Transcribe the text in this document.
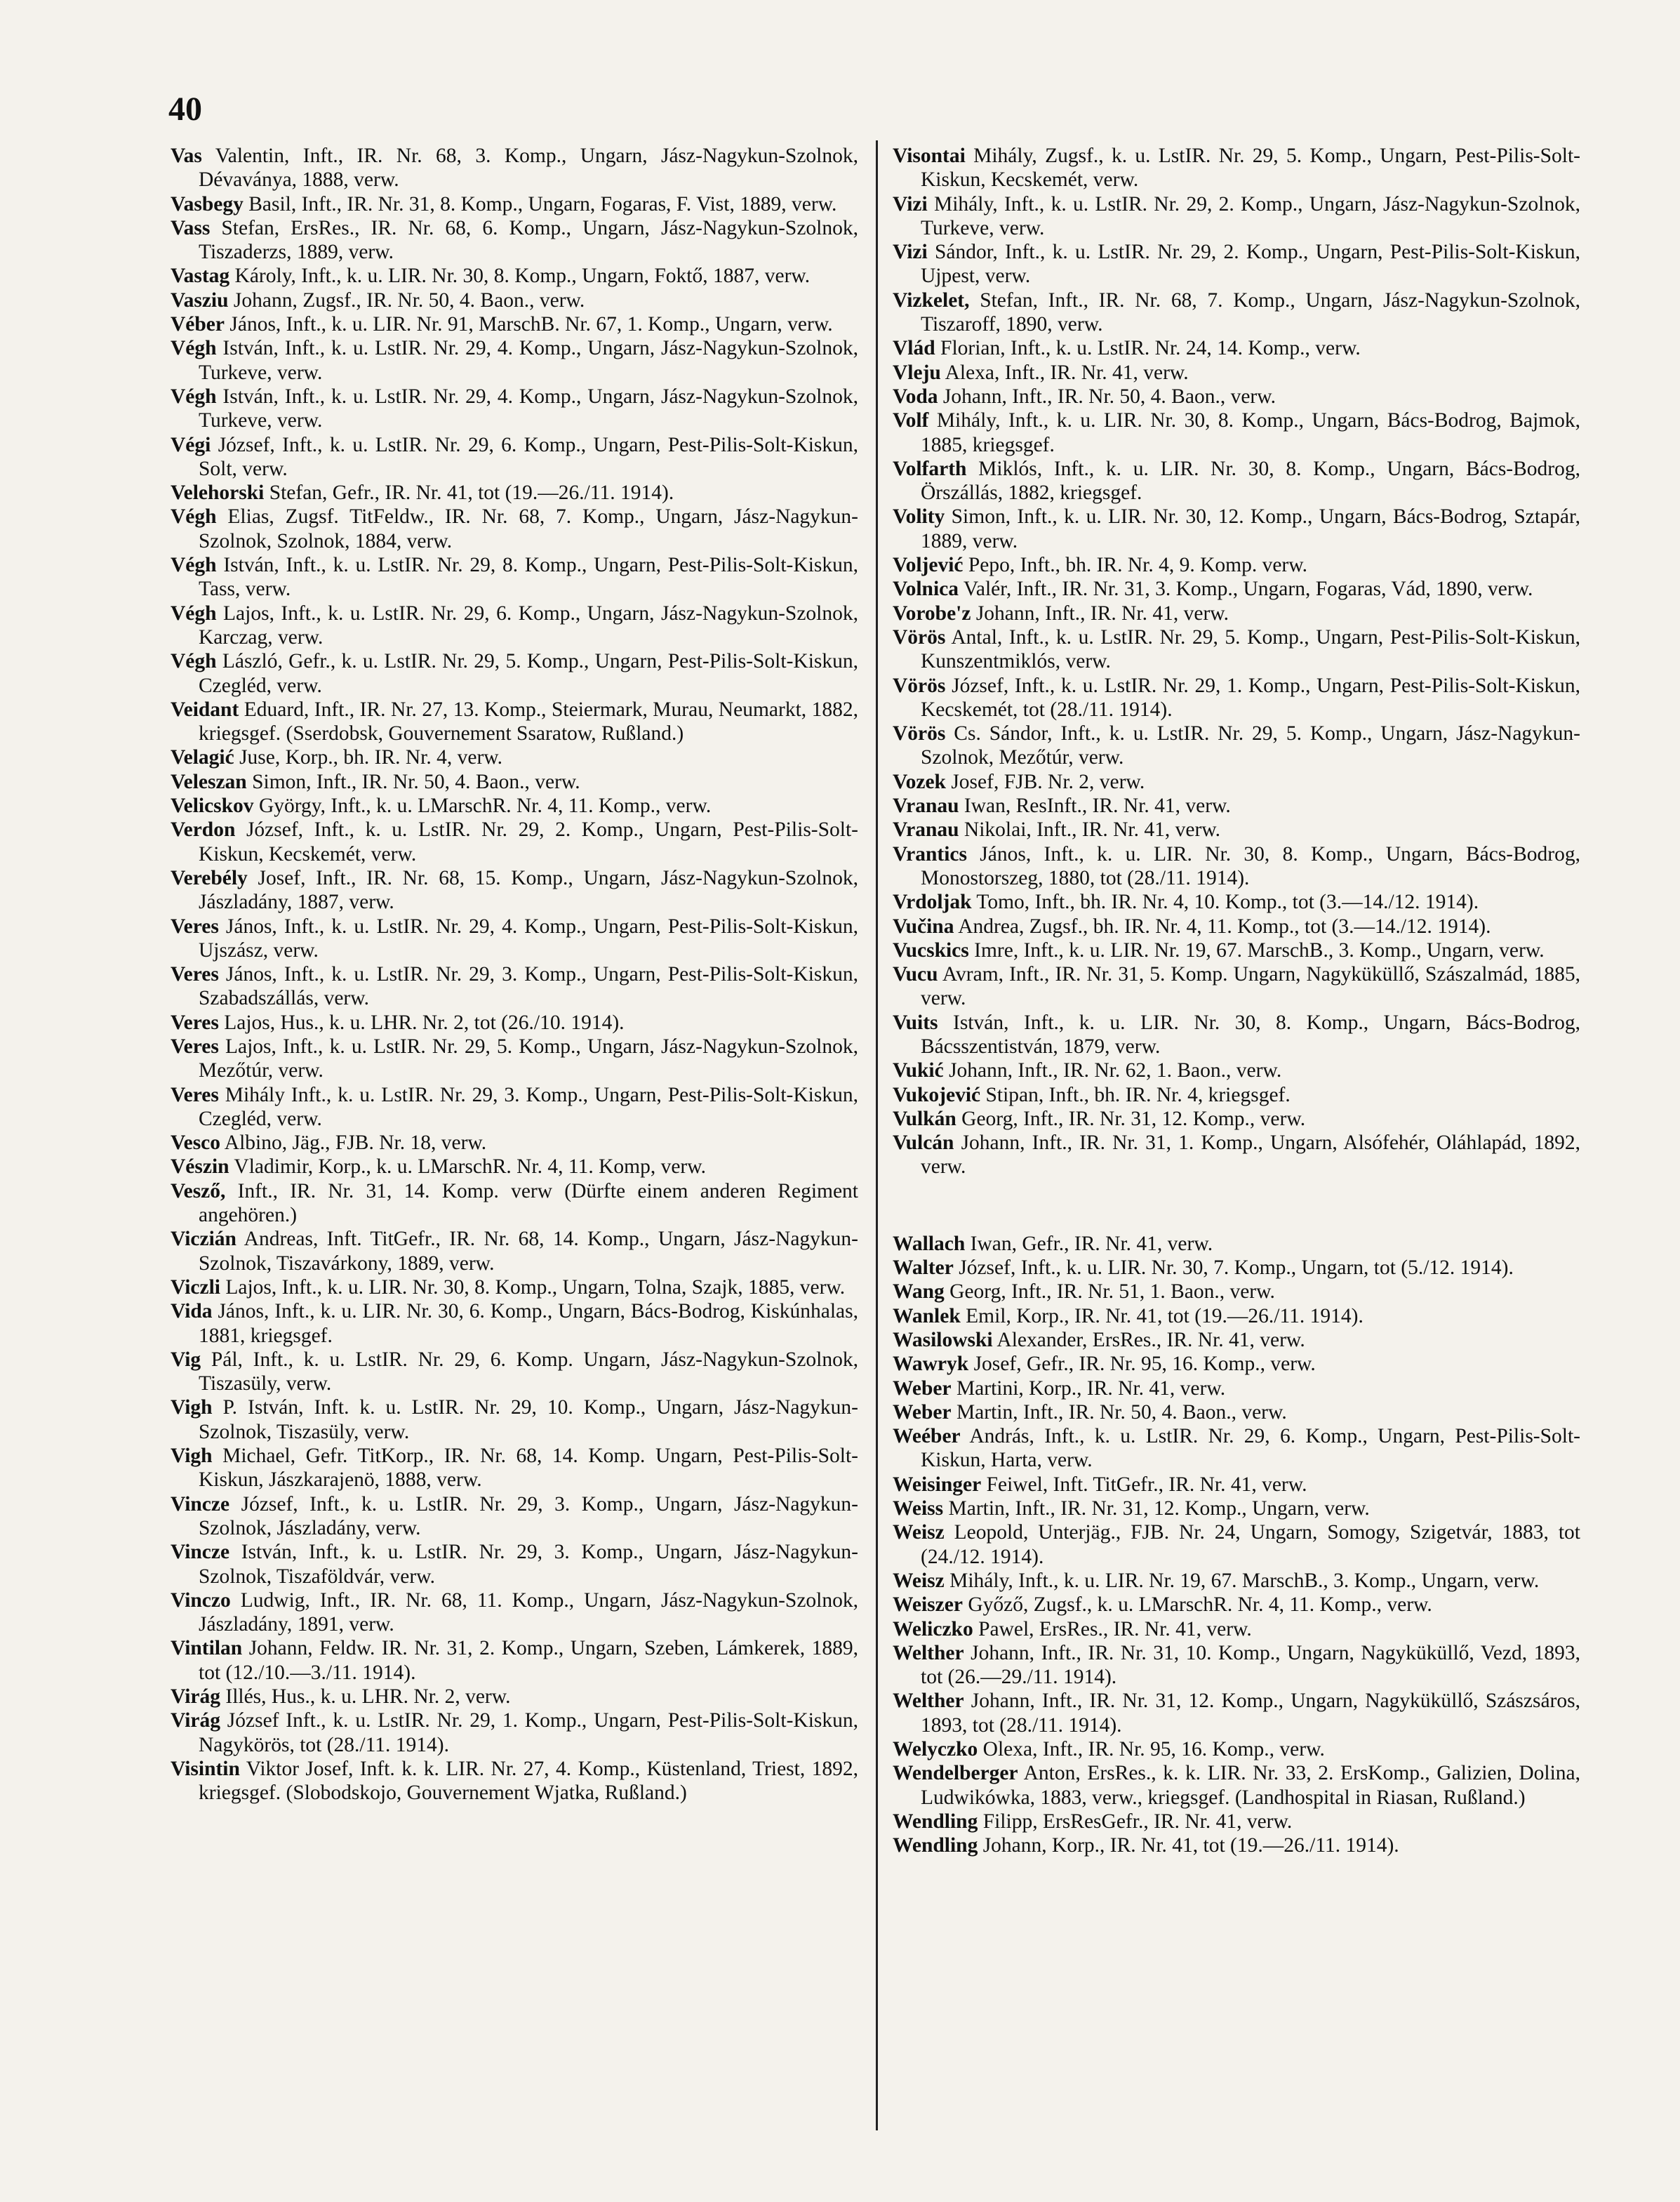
40

Vas Valentin, Inft., IR. Nr. 68, 3. Komp., Ungarn, Jász-Nagykun-Szolnok, Dévaványa, 1888, verw.

Vasbegy Basil, Inft., IR. Nr. 31, 8. Komp., Ungarn, Fogaras, F. Vist, 1889, verw.

Vass Stefan, ErsRes., IR. Nr. 68, 6. Komp., Ungarn, Jász-Nagykun-Szolnok, Tiszaderzs, 1889, verw.

Vastag Károly, Inft., k. u. LIR. Nr. 30, 8. Komp., Ungarn, Foktő, 1887, verw.

Vasziu Johann, Zugsf., IR. Nr. 50, 4. Baon., verw.

Véber János, Inft., k. u. LIR. Nr. 91, MarschB. Nr. 67, 1. Komp., Ungarn, verw.

Végh István, Inft., k. u. LstIR. Nr. 29, 4. Komp., Ungarn, Jász-Nagykun-Szolnok, Turkeve, verw.

Végh István, Inft., k. u. LstIR. Nr. 29, 4. Komp., Ungarn, Jász-Nagykun-Szolnok, Turkeve, verw.

Végi József, Inft., k. u. LstIR. Nr. 29, 6. Komp., Ungarn, Pest-Pilis-Solt-Kiskun, Solt, verw.

Velehorski Stefan, Gefr., IR. Nr. 41, tot (19.—26./11. 1914).

Végh Elias, Zugsf. TitFeldw., IR. Nr. 68, 7. Komp., Ungarn, Jász-Nagykun-Szolnok, Szolnok, 1884, verw.

Végh István, Inft., k. u. LstIR. Nr. 29, 8. Komp., Ungarn, Pest-Pilis-Solt-Kiskun, Tass, verw.

Végh Lajos, Inft., k. u. LstIR. Nr. 29, 6. Komp., Ungarn, Jász-Nagykun-Szolnok, Karczag, verw.

Végh László, Gefr., k. u. LstIR. Nr. 29, 5. Komp., Ungarn, Pest-Pilis-Solt-Kiskun, Czegléd, verw.

Veidant Eduard, Inft., IR. Nr. 27, 13. Komp., Steiermark, Murau, Neumarkt, 1882, kriegsgef. (Sserdobsk, Gouvernement Ssaratow, Rußland.)

Velagić Juse, Korp., bh. IR. Nr. 4, verw.

Veleszan Simon, Inft., IR. Nr. 50, 4. Baon., verw.

Velicskov György, Inft., k. u. LMarschR. Nr. 4, 11. Komp., verw.

Verdon József, Inft., k. u. LstIR. Nr. 29, 2. Komp., Ungarn, Pest-Pilis-Solt-Kiskun, Kecskemét, verw.

Verebély Josef, Inft., IR. Nr. 68, 15. Komp., Ungarn, Jász-Nagykun-Szolnok, Jászladány, 1887, verw.

Veres János, Inft., k. u. LstIR. Nr. 29, 4. Komp., Ungarn, Pest-Pilis-Solt-Kiskun, Ujszász, verw.

Veres János, Inft., k. u. LstIR. Nr. 29, 3. Komp., Ungarn, Pest-Pilis-Solt-Kiskun, Szabadszállás, verw.

Veres Lajos, Hus., k. u. LHR. Nr. 2, tot (26./10. 1914).

Veres Lajos, Inft., k. u. LstIR. Nr. 29, 5. Komp., Ungarn, Jász-Nagykun-Szolnok, Mezőtúr, verw.

Veres Mihály Inft., k. u. LstIR. Nr. 29, 3. Komp., Ungarn, Pest-Pilis-Solt-Kiskun, Czegléd, verw.

Vesco Albino, Jäg., FJB. Nr. 18, verw.

Vészin Vladimir, Korp., k. u. LMarschR. Nr. 4, 11. Komp, verw.

Vesző, Inft., IR. Nr. 31, 14. Komp. verw (Dürfte einem anderen Regiment angehören.)

Viczián Andreas, Inft. TitGefr., IR. Nr. 68, 14. Komp., Ungarn, Jász-Nagykun-Szolnok, Tiszavárkony, 1889, verw.

Viczli Lajos, Inft., k. u. LIR. Nr. 30, 8. Komp., Ungarn, Tolna, Szajk, 1885, verw.

Vida János, Inft., k. u. LIR. Nr. 30, 6. Komp., Ungarn, Bács-Bodrog, Kiskúnhalas, 1881, kriegsgef.

Vig Pál, Inft., k. u. LstIR. Nr. 29, 6. Komp. Ungarn, Jász-Nagykun-Szolnok, Tiszasüly, verw.

Vigh P. István, Inft. k. u. LstIR. Nr. 29, 10. Komp., Ungarn, Jász-Nagykun-Szolnok, Tiszasüly, verw.

Vigh Michael, Gefr. TitKorp., IR. Nr. 68, 14. Komp. Ungarn, Pest-Pilis-Solt-Kiskun, Jászkarajenö, 1888, verw.

Vincze József, Inft., k. u. LstIR. Nr. 29, 3. Komp., Ungarn, Jász-Nagykun-Szolnok, Jászladány, verw.

Vincze István, Inft., k. u. LstIR. Nr. 29, 3. Komp., Ungarn, Jász-Nagykun-Szolnok, Tiszaföldvár, verw.

Vinczo Ludwig, Inft., IR. Nr. 68, 11. Komp., Ungarn, Jász-Nagykun-Szolnok, Jászladány, 1891, verw.

Vintilan Johann, Feldw. IR. Nr. 31, 2. Komp., Ungarn, Szeben, Lámkerek, 1889, tot (12./10.—3./11. 1914).

Virág Illés, Hus., k. u. LHR. Nr. 2, verw.

Virág József Inft., k. u. LstIR. Nr. 29, 1. Komp., Ungarn, Pest-Pilis-Solt-Kiskun, Nagykörös, tot (28./11. 1914).

Visintin Viktor Josef, Inft. k. k. LIR. Nr. 27, 4. Komp., Küstenland, Triest, 1892, kriegsgef. (Slobodskojo, Gouvernement Wjatka, Rußland.)

Visontai Mihály, Zugsf., k. u. LstIR. Nr. 29, 5. Komp., Ungarn, Pest-Pilis-Solt-Kiskun, Kecskemét, verw.

Vizi Mihály, Inft., k. u. LstIR. Nr. 29, 2. Komp., Ungarn, Jász-Nagykun-Szolnok, Turkeve, verw.

Vizi Sándor, Inft., k. u. LstIR. Nr. 29, 2. Komp., Ungarn, Pest-Pilis-Solt-Kiskun, Ujpest, verw.

Vizkelet, Stefan, Inft., IR. Nr. 68, 7. Komp., Ungarn, Jász-Nagykun-Szolnok, Tiszaroff, 1890, verw.

Vlád Florian, Inft., k. u. LstIR. Nr. 24, 14. Komp., verw.

Vleju Alexa, Inft., IR. Nr. 41, verw.

Voda Johann, Inft., IR. Nr. 50, 4. Baon., verw.

Volf Mihály, Inft., k. u. LIR. Nr. 30, 8. Komp., Ungarn, Bács-Bodrog, Bajmok, 1885, kriegsgef.

Volfarth Miklós, Inft., k. u. LIR. Nr. 30, 8. Komp., Ungarn, Bács-Bodrog, Örszállás, 1882, kriegsgef.

Volity Simon, Inft., k. u. LIR. Nr. 30, 12. Komp., Ungarn, Bács-Bodrog, Sztapár, 1889, verw.

Voljević Pepo, Inft., bh. IR. Nr. 4, 9. Komp. verw.

Volnica Valér, Inft., IR. Nr. 31, 3. Komp., Ungarn, Fogaras, Vád, 1890, verw.

Vorobe'z Johann, Inft., IR. Nr. 41, verw.

Vörös Antal, Inft., k. u. LstIR. Nr. 29, 5. Komp., Ungarn, Pest-Pilis-Solt-Kiskun, Kunszentmiklós, verw.

Vörös József, Inft., k. u. LstIR. Nr. 29, 1. Komp., Ungarn, Pest-Pilis-Solt-Kiskun, Kecskemét, tot (28./11. 1914).

Vörös Cs. Sándor, Inft., k. u. LstIR. Nr. 29, 5. Komp., Ungarn, Jász-Nagykun-Szolnok, Mezőtúr, verw.

Vozek Josef, FJB. Nr. 2, verw.

Vranau Iwan, ResInft., IR. Nr. 41, verw.

Vranau Nikolai, Inft., IR. Nr. 41, verw.

Vrantics János, Inft., k. u. LIR. Nr. 30, 8. Komp., Ungarn, Bács-Bodrog, Monostorszeg, 1880, tot (28./11. 1914).

Vrdoljak Tomo, Inft., bh. IR. Nr. 4, 10. Komp., tot (3.—14./12. 1914).

Vučina Andrea, Zugsf., bh. IR. Nr. 4, 11. Komp., tot (3.—14./12. 1914).

Vucskics Imre, Inft., k. u. LIR. Nr. 19, 67. MarschB., 3. Komp., Ungarn, verw.

Vucu Avram, Inft., IR. Nr. 31, 5. Komp. Ungarn, Nagyküküllő, Szászalmád, 1885, verw.

Vuits István, Inft., k. u. LIR. Nr. 30, 8. Komp., Ungarn, Bács-Bodrog, Bácsszentistván, 1879, verw.

Vukić Johann, Inft., IR. Nr. 62, 1. Baon., verw.

Vukojević Stipan, Inft., bh. IR. Nr. 4, kriegsgef.

Vulkán Georg, Inft., IR. Nr. 31, 12. Komp., verw.

Vulcán Johann, Inft., IR. Nr. 31, 1. Komp., Ungarn, Alsófehér, Oláhlapád, 1892, verw.

Wallach Iwan, Gefr., IR. Nr. 41, verw.

Walter József, Inft., k. u. LIR. Nr. 30, 7. Komp., Ungarn, tot (5./12. 1914).

Wang Georg, Inft., IR. Nr. 51, 1. Baon., verw.

Wanlek Emil, Korp., IR. Nr. 41, tot (19.—26./11. 1914).

Wasilowski Alexander, ErsRes., IR. Nr. 41, verw.

Wawryk Josef, Gefr., IR. Nr. 95, 16. Komp., verw.

Weber Martini, Korp., IR. Nr. 41, verw.

Weber Martin, Inft., IR. Nr. 50, 4. Baon., verw.

Weéber András, Inft., k. u. LstIR. Nr. 29, 6. Komp., Ungarn, Pest-Pilis-Solt-Kiskun, Harta, verw.

Weisinger Feiwel, Inft. TitGefr., IR. Nr. 41, verw.

Weiss Martin, Inft., IR. Nr. 31, 12. Komp., Ungarn, verw.

Weisz Leopold, Unterjäg., FJB. Nr. 24, Ungarn, Somogy, Szigetvár, 1883, tot (24./12. 1914).

Weisz Mihály, Inft., k. u. LIR. Nr. 19, 67. MarschB., 3. Komp., Ungarn, verw.

Weiszer Győző, Zugsf., k. u. LMarschR. Nr. 4, 11. Komp., verw.

Weliczko Pawel, ErsRes., IR. Nr. 41, verw.

Welther Johann, Inft., IR. Nr. 31, 10. Komp., Ungarn, Nagyküküllő, Vezd, 1893, tot (26.—29./11. 1914).

Welther Johann, Inft., IR. Nr. 31, 12. Komp., Ungarn, Nagyküküllő, Szászsáros, 1893, tot (28./11. 1914).

Welyczko Olexa, Inft., IR. Nr. 95, 16. Komp., verw.

Wendelberger Anton, ErsRes., k. k. LIR. Nr. 33, 2. ErsKomp., Galizien, Dolina, Ludwikówka, 1883, verw., kriegsgef. (Landhospital in Riasan, Rußland.)

Wendling Filipp, ErsResGefr., IR. Nr. 41, verw.

Wendling Johann, Korp., IR. Nr. 41, tot (19.—26./11. 1914).
